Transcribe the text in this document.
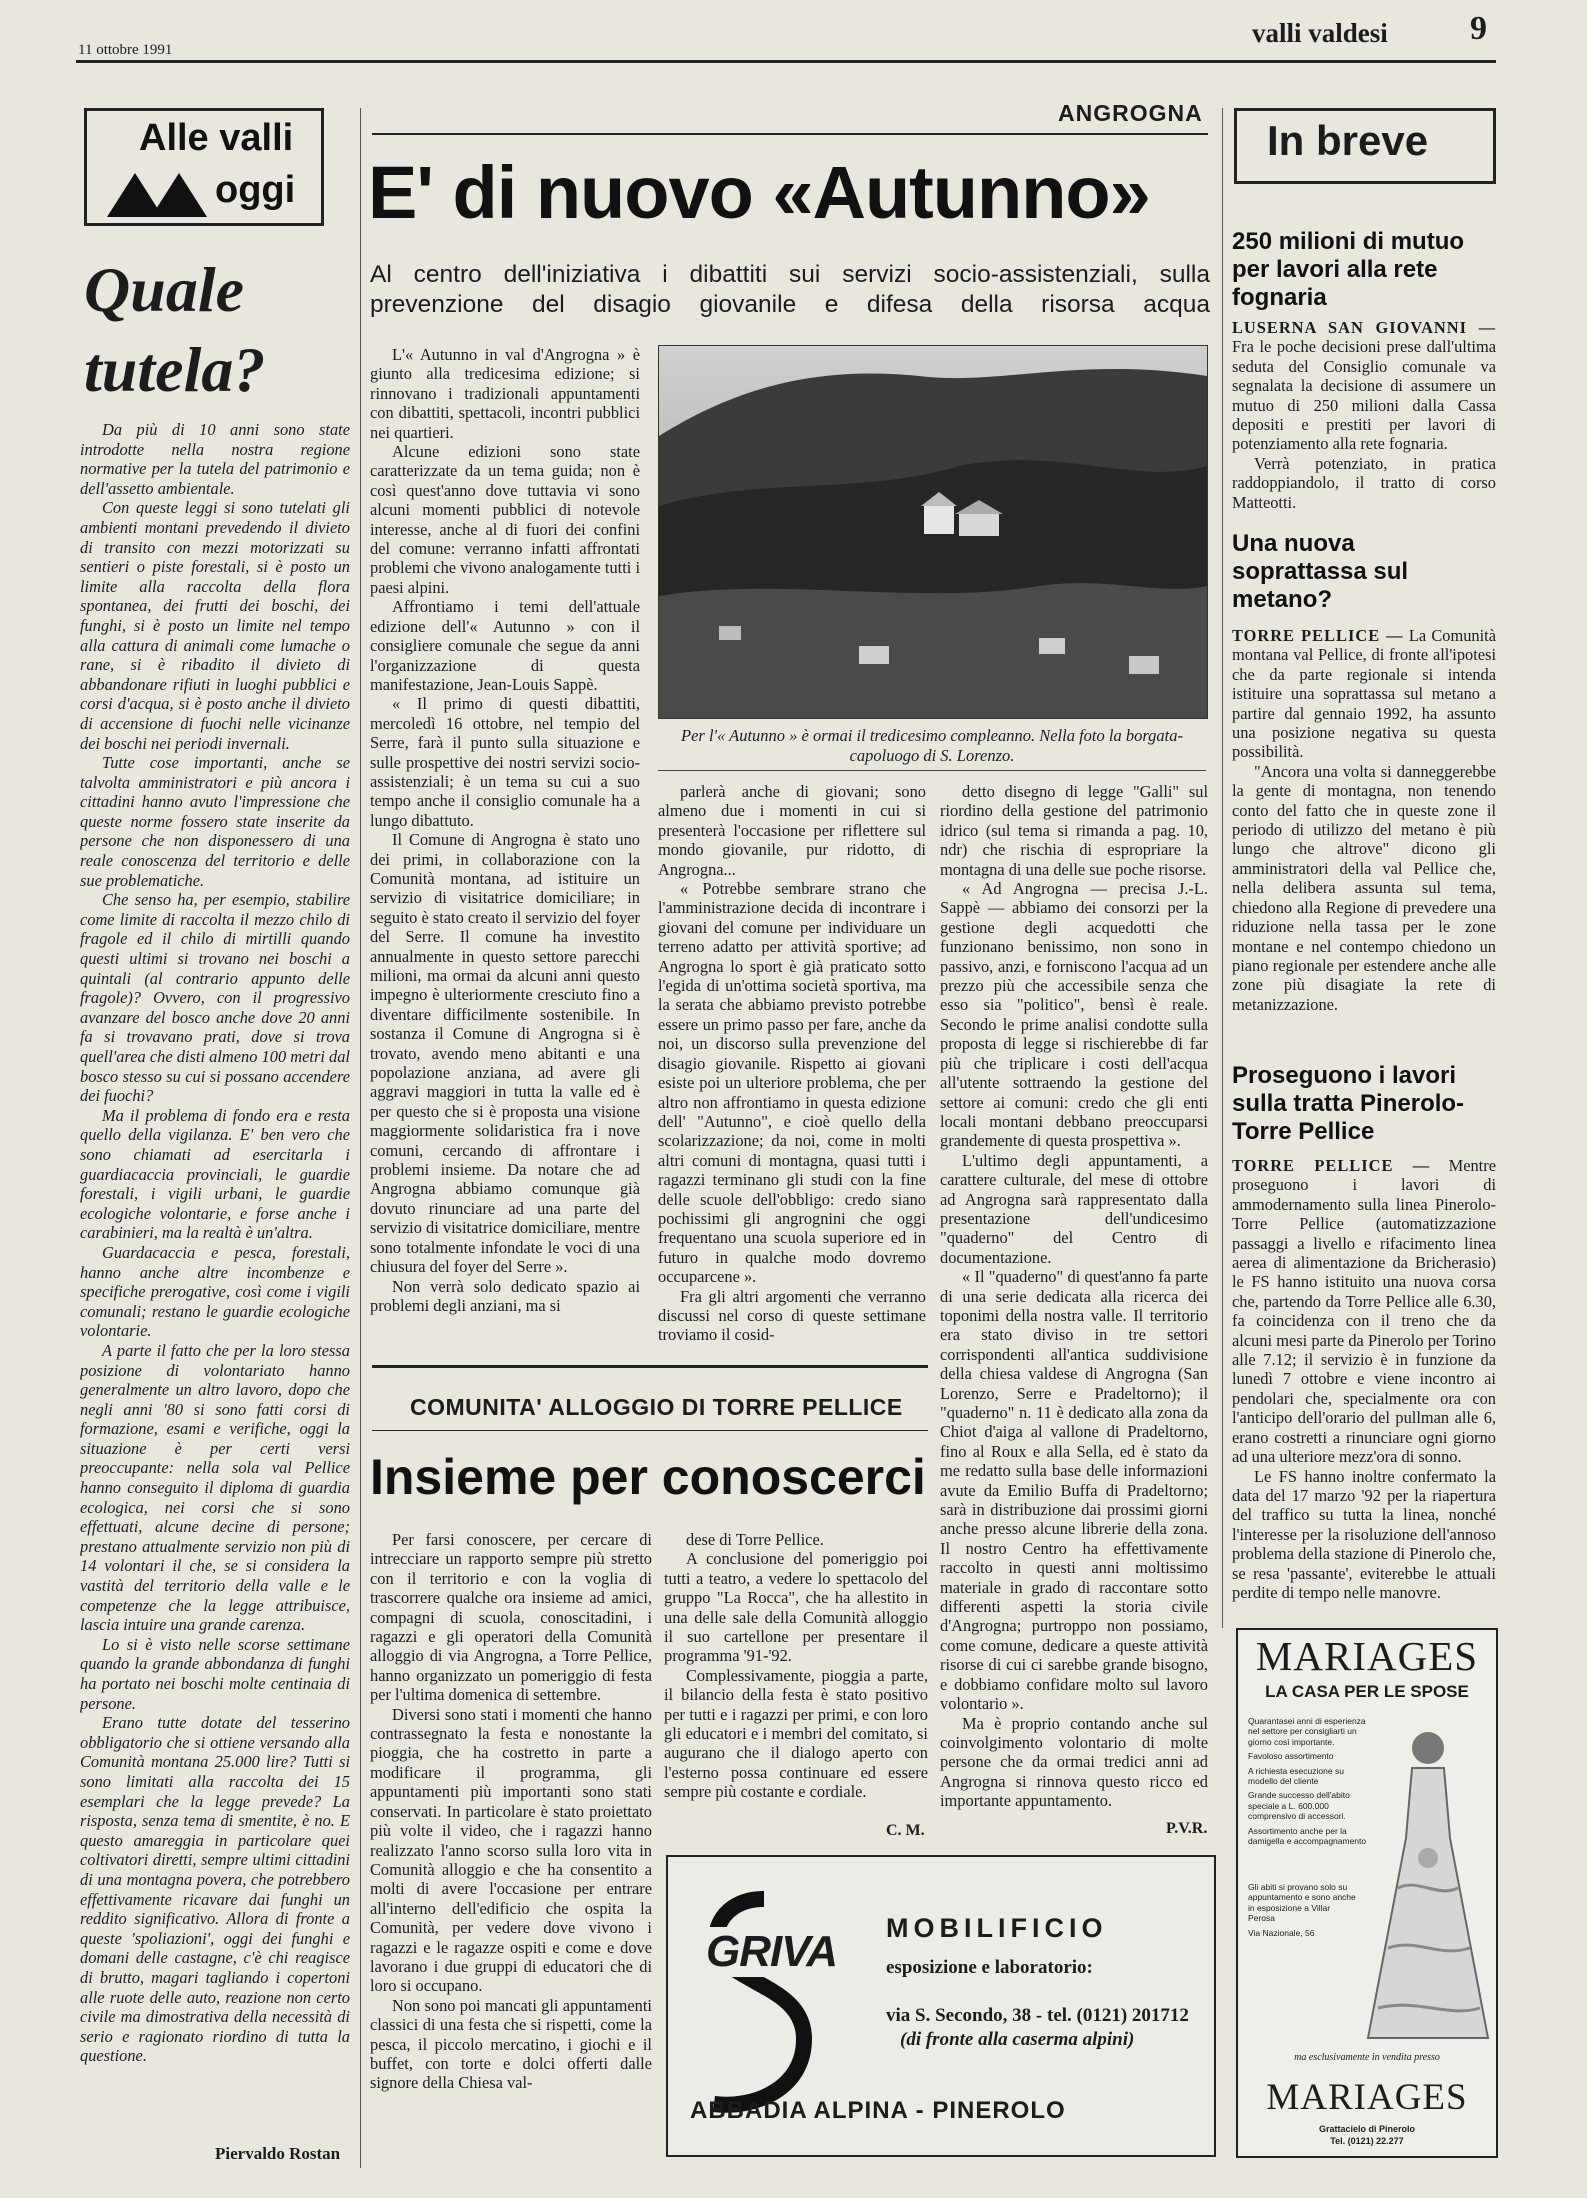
11 ottobre 1991
valli valdesi 9
Alle valli
oggi
Quale
tutela?

Da più di 10 anni sono state introdotte nella nostra regione normative per la tutela del patrimonio e dell'assetto ambientale.

Con queste leggi si sono tutelati gli ambienti montani prevedendo il divieto di transito con mezzi motorizzati su sentieri o piste forestali, si è posto un limite alla raccolta della flora spontanea, dei frutti dei boschi, dei funghi, si è posto un limite nel tempo alla cattura di animali come lumache o rane, si è ribadito il divieto di abbandonare rifiuti in luoghi pubblici e corsi d'acqua, si è posto anche il divieto di accensione di fuochi nelle vicinanze dei boschi nei periodi invernali.

Tutte cose importanti, anche se talvolta amministratori e più ancora i cittadini hanno avuto l'impressione che queste norme fossero state inserite da persone che non disponessero di una reale conoscenza del territorio e delle sue problematiche.

Che senso ha, per esempio, stabilire come limite di raccolta il mezzo chilo di fragole ed il chilo di mirtilli quando questi ultimi si trovano nei boschi a quintali (al contrario appunto delle fragole)? Ovvero, con il progressivo avanzare del bosco anche dove 20 anni fa si trovavano prati, dove si trova quell'area che disti almeno 100 metri dal bosco stesso su cui si possano accendere dei fuochi?

Ma il problema di fondo era e resta quello della vigilanza. E' ben vero che sono chiamati ad esercitarla i guardiacaccia provinciali, le guardie forestali, i vigili urbani, le guardie ecologiche volontarie, e forse anche i carabinieri, ma la realtà è un'altra.

Guardacaccia e pesca, forestali, hanno anche altre incombenze e specifiche prerogative, così come i vigili comunali; restano le guardie ecologiche volontarie.

A parte il fatto che per la loro stessa posizione di volontariato hanno generalmente un altro lavoro, dopo che negli anni '80 si sono fatti corsi di formazione, esami e verifiche, oggi la situazione è per certi versi preoccupante: nella sola val Pellice hanno conseguito il diploma di guardia ecologica, nei corsi che si sono effettuati, alcune decine di persone; prestano attualmente servizio non più di 14 volontari il che, se si considera la vastità del territorio della valle e le competenze che la legge attribuisce, lascia intuire una grande carenza.

Lo si è visto nelle scorse settimane quando la grande abbondanza di funghi ha portato nei boschi molte centinaia di persone.

Erano tutte dotate del tesserino obbligatorio che si ottiene versando alla Comunità montana 25.000 lire? Tutti si sono limitati alla raccolta dei 15 esemplari che la legge prevede? La risposta, senza tema di smentite, è no. E questo amareggia in particolare quei coltivatori diretti, sempre ultimi cittadini di una montagna povera, che potrebbero effettivamente ricavare dai funghi un reddito significativo. Allora di fronte a queste 'spoliazioni', oggi dei funghi e domani delle castagne, c'è chi reagisce di brutto, magari tagliando i copertoni alle ruote delle auto, reazione non certo civile ma dimostrativa della necessità di serio e ragionato riordino di tutta la questione.

Piervaldo Rostan
ANGROGNA
E' di nuovo «Autunno»
Al centro dell'iniziativa i dibattiti sui servizi socio-assistenziali, sulla prevenzione del disagio giovanile e difesa della risorsa acqua

L'« Autunno in val d'Angrogna » è giunto alla tredicesima edizione; si rinnovano i tradizionali appuntamenti con dibattiti, spettacoli, incontri pubblici nei quartieri.

Alcune edizioni sono state caratterizzate da un tema guida; non è così quest'anno dove tuttavia vi sono alcuni momenti pubblici di notevole interesse, anche al di fuori dei confini del comune: verranno infatti affrontati problemi che vivono analogamente tutti i paesi alpini.

Affrontiamo i temi dell'attuale edizione dell'« Autunno » con il consigliere comunale che segue da anni l'organizzazione di questa manifestazione, Jean-Louis Sappè.

« Il primo di questi dibattiti, mercoledì 16 ottobre, nel tempio del Serre, farà il punto sulla situazione e sulle prospettive dei nostri servizi socio-assistenziali; è un tema su cui a suo tempo anche il consiglio comunale ha a lungo dibattuto.

Il Comune di Angrogna è stato uno dei primi, in collaborazione con la Comunità montana, ad istituire un servizio di visitatrice domiciliare; in seguito è stato creato il servizio del foyer del Serre. Il comune ha investito annualmente in questo settore parecchi milioni, ma ormai da alcuni anni questo impegno è ulteriormente cresciuto fino a diventare difficilmente sostenibile. In sostanza il Comune di Angrogna si è trovato, avendo meno abitanti e una popolazione anziana, ad avere gli aggravi maggiori in tutta la valle ed è per questo che si è proposta una visione maggiormente solidaristica fra i nove comuni, cercando di affrontare i problemi insieme. Da notare che ad Angrogna abbiamo comunque già dovuto rinunciare ad una parte del servizio di visitatrice domiciliare, mentre sono totalmente infondate le voci di una chiusura del foyer del Serre ».

Non verrà solo dedicato spazio ai problemi degli anziani, ma si

Per l'« Autunno » è ormai il tredicesimo compleanno. Nella foto la borgata-capoluogo di S. Lorenzo.

parlerà anche di giovani; sono almeno due i momenti in cui si presenterà l'occasione per riflettere sul mondo giovanile, pur ridotto, di Angrogna...

« Potrebbe sembrare strano che l'amministrazione decida di incontrare i giovani del comune per individuare un terreno adatto per attività sportive; ad Angrogna lo sport è già praticato sotto l'egida di un'ottima società sportiva, ma la serata che abbiamo previsto potrebbe essere un primo passo per fare, anche da noi, un discorso sulla prevenzione del disagio giovanile. Rispetto ai giovani esiste poi un ulteriore problema, che per altro non affrontiamo in questa edizione dell' "Autunno", e cioè quello della scolarizzazione; da noi, come in molti altri comuni di montagna, quasi tutti i ragazzi terminano gli studi con la fine delle scuole dell'obbligo: credo siano pochissimi gli angrognini che oggi frequentano una scuola superiore ed in futuro in qualche modo dovremo occuparcene ».

Fra gli altri argomenti che verranno discussi nel corso di queste settimane troviamo il cosid-

detto disegno di legge "Galli" sul riordino della gestione del patrimonio idrico (sul tema si rimanda a pag. 10, ndr) che rischia di espropriare la montagna di una delle sue poche risorse.

« Ad Angrogna — precisa J.-L. Sappè — abbiamo dei consorzi per la gestione degli acquedotti che funzionano benissimo, non sono in passivo, anzi, e forniscono l'acqua ad un prezzo più che accessibile senza che esso sia "politico", bensì è reale. Secondo le prime analisi condotte sulla proposta di legge si rischierebbe di far più che triplicare i costi dell'acqua all'utente sottraendo la gestione del settore ai comuni: credo che gli enti locali montani debbano preoccuparsi grandemente di questa prospettiva ».

L'ultimo degli appuntamenti, a carattere culturale, del mese di ottobre ad Angrogna sarà rappresentato dalla presentazione dell'undicesimo "quaderno" del Centro di documentazione.

« Il "quaderno" di quest'anno fa parte di una serie dedicata alla ricerca dei toponimi della nostra valle. Il territorio era stato diviso in tre settori corrispondenti all'antica suddivisione della chiesa valdese di Angrogna (San Lorenzo, Serre e Pradeltorno); il "quaderno" n. 11 è dedicato alla zona da Chiot d'aiga al vallone di Pradeltorno, fino al Roux e alla Sella, ed è stato da me redatto sulla base delle informazioni avute da Emilio Buffa di Pradeltorno; sarà in distribuzione dai prossimi giorni anche presso alcune librerie della zona. Il nostro Centro ha effettivamente raccolto in questi anni moltissimo materiale in grado di raccontare sotto differenti aspetti la storia civile d'Angrogna; purtroppo non possiamo, come comune, dedicare a queste attività risorse di cui ci sarebbe grande bisogno, e dobbiamo confidare molto sul lavoro volontario ».

Ma è proprio contando anche sul coinvolgimento volontario di molte persone che da ormai tredici anni ad Angrogna si rinnova questo ricco ed importante appuntamento.

P.V.R.
COMUNITA' ALLOGGIO DI TORRE PELLICE
Insieme per conoscerci

Per farsi conoscere, per cercare di intrecciare un rapporto sempre più stretto con il territorio e con la voglia di trascorrere qualche ora insieme ad amici, compagni di scuola, conoscitadini, i ragazzi e gli operatori della Comunità alloggio di via Angrogna, a Torre Pellice, hanno organizzato un pomeriggio di festa per l'ultima domenica di settembre.

Diversi sono stati i momenti che hanno contrassegnato la festa e nonostante la pioggia, che ha costretto in parte a modificare il programma, gli appuntamenti più importanti sono stati conservati. In particolare è stato proiettato più volte il video, che i ragazzi hanno realizzato l'anno scorso sulla loro vita in Comunità alloggio e che ha consentito a molti di avere l'occasione per entrare all'interno dell'edificio che ospita la Comunità, per vedere dove vivono i ragazzi e le ragazze ospiti e come e dove lavorano i due gruppi di educatori che di loro si occupano.

Non sono poi mancati gli appuntamenti classici di una festa che si rispetti, come la pesca, il piccolo mercatino, i giochi e il buffet, con torte e dolci offerti dalle signore della Chiesa val-

dese di Torre Pellice.

A conclusione del pomeriggio poi tutti a teatro, a vedere lo spettacolo del gruppo "La Rocca", che ha allestito in una delle sale della Comunità alloggio il suo cartellone per presentare il programma '91-'92.

Complessivamente, pioggia a parte, il bilancio della festa è stato positivo per tutti e i ragazzi per primi, e con loro gli educatori e i membri del comitato, si augurano che il dialogo aperto con l'esterno possa continuare ed essere sempre più costante e cordiale.

C. M.
GRIVA MOBILIFICIO
esposizione e laboratorio:
via S. Secondo, 38 - tel. (0121) 201712
(di fronte alla caserma alpini)
ABBADIA ALPINA - PINEROLO
In breve
250 milioni di mutuo per lavori alla rete fognaria

LUSERNA SAN GIOVANNI — Fra le poche decisioni prese dall'ultima seduta del Consiglio comunale va segnalata la decisione di assumere un mutuo di 250 milioni dalla Cassa depositi e prestiti per lavori di potenziamento alla rete fognaria.

Verrà potenziato, in pratica raddoppiandolo, il tratto di corso Matteotti.

Una nuova soprattassa sul metano?

TORRE PELLICE — La Comunità montana val Pellice, di fronte all'ipotesi che da parte regionale si intenda istituire una soprattassa sul metano a partire dal gennaio 1992, ha assunto una posizione negativa su questa possibilità.

"Ancora una volta si danneggerebbe la gente di montagna, non tenendo conto del fatto che in queste zone il periodo di utilizzo del metano è più lungo che altrove" dicono gli amministratori della val Pellice che, nella delibera assunta sul tema, chiedono alla Regione di prevedere una riduzione nella tassa per le zone montane e nel contempo chiedono un piano regionale per estendere anche alle zone più disagiate la rete di metanizzazione.

Proseguono i lavori sulla tratta Pinerolo-Torre Pellice

TORRE PELLICE — Mentre proseguono i lavori di ammodernamento sulla linea Pinerolo-Torre Pellice (automatizzazione passaggi a livello e rifacimento linea aerea di alimentazione da Bricherasio) le FS hanno istituito una nuova corsa che, partendo da Torre Pellice alle 6.30, fa coincidenza con il treno che da alcuni mesi parte da Pinerolo per Torino alle 7.12; il servizio è in funzione da lunedì 7 ottobre e viene incontro ai pendolari che, specialmente ora con l'anticipo dell'orario del pullman alle 6, erano costretti a rinunciare ogni giorno ad una ulteriore mezz'ora di sonno.

Le FS hanno inoltre confermato la data del 17 marzo '92 per la riapertura del traffico su tutta la linea, nonché l'interesse per la risoluzione dell'annoso problema della stazione di Pinerolo che, se resa 'passante', eviterebbe le attuali perdite di tempo nelle manovre.

MARIAGES
LA CASA PER LE SPOSE
Quarantasei anni di esperienza nel settore per consigliarti un giorno così importante.
Favoloso assortimento
A richiesta esecuzione su modello del cliente
Grande successo dell'abito speciale a L. 600.000 comprensivo di accessori.
Assortimento anche per la damigella e accompagnamento
Gli abiti si provano solo su appuntamento e sono anche in esposizione a Villar Perosa
Via Nazionale, 56
ma esclusivamente in vendita presso
MARIAGES
Grattacielo di Pinerolo
Tel. (0121) 22.277
